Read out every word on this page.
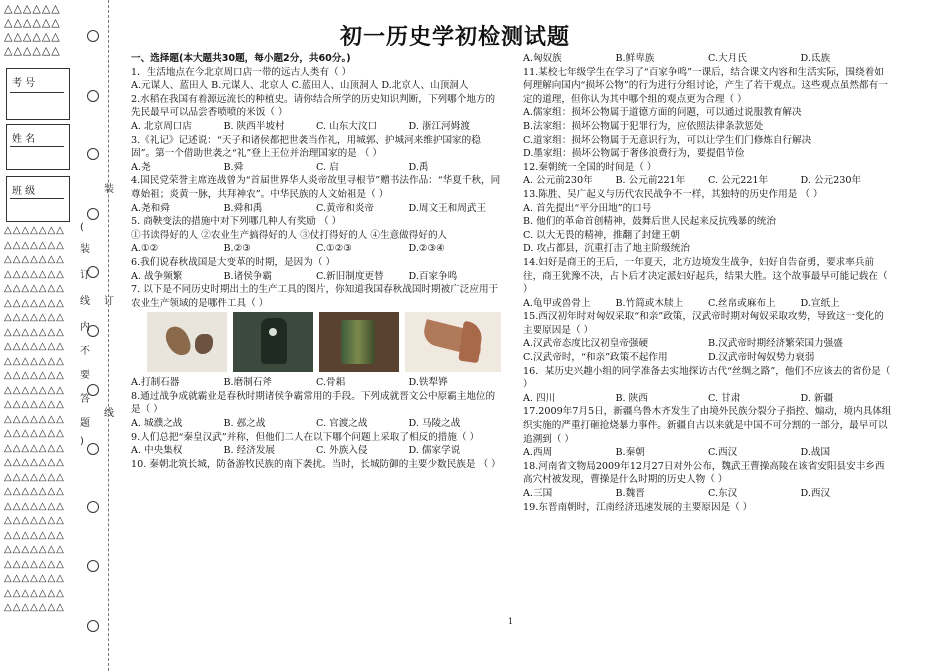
△△△△△△
△△△△△△
△△△△△△
△△△△△△
考 号
姓 名
班 级
△△△△△△△
△△△△△△△
△△△△△△△
△△△△△△△
△△△△△△△
△△△△△△△
△△△△△△△
△△△△△△△
△△△△△△△
△△△△△△△
△△△△△△△
△△△△△△△
△△△△△△△
△△△△△△△
△△△△△△△
△△△△△△△
△△△△△△△
△△△△△△△
△△△△△△△
△△△△△△△
△△△△△△△
△△△△△△△
△△△△△△△
△△△△△△△
△△△△△△△
△△△△△△△
△△△△△△△
(
装
订
线
内
不
要
答
题
)
装
订
线
初一历史学初检测试题

一、选择题(本大题共30题，每小题2分，共60分。)

1．生活地点在今北京周口店一带的远古人类有（ ）

A.元谋人、蓝田人 B.元谋人、北京人 C.蓝田人、山顶洞人 D.北京人、山顶洞人

2.水稻在我国有着源远流长的种植史。请你结合所学的历史知识判断，下列哪个地方的先民最早可以品尝香喷喷的米饭（ ）

A. 北京周口店	B. 陕西半坡村	C. 山东大汶口	D. 浙江河姆渡

3.《礼记》记述说：“天子和诸侯都把世袭当作礼，用城郭、护城河来维护国家的稳固”。第一个借助世袭之“礼”登上王位并治理国家的是 （ ）

A.尧	B.舜	C. 启	D.禹

4.国民党荣誉主席连战曾为“首届世界华人炎帝故里寻根节”赠书法作品：“华夏千秋，同尊始祖；炎黄一脉，共拜神农”。中华民族的人文始祖是（ ）

A.尧和舜	B.舜和禹	C.黄帝和炎帝	D.周文王和周武王

5. 商鞅变法的措施中对下列哪几种人有奖励 （ ）

①书读得好的人 ②农业生产搞得好的人 ③仗打得好的人 ④生意做得好的人

A.①②	B.②③	C.①②③	D.②③④

6.我们说春秋战国是大变革的时期，是因为（ ）

A. 战争频繁	B.诸侯争霸	C.新旧制度更替	D.百家争鸣

7. 以下是不同历史时期出土的生产工具的图片，你知道我国春秋战国时期被广泛应用于农业生产领域的是哪件工具（ ）

A.打制石器	B.磨制石斧	C.骨耜	D.铁犁铧

8.通过战争成就霸业是春秋时期诸侯争霸常用的手段。下列成就晋文公中原霸主地位的是（ ）

A. 城濮之战	B. 邲之战	C. 官渡之战	D. 马陵之战

9.人们总把“秦皇汉武”并称，但他们二人在以下哪个问题上采取了相反的措施（ ）

A. 中央集权	B. 经济发展	C. 外族入侵	D. 儒家学说

10. 秦朝北筑长城，防备游牧民族的南下袭扰。当时，长城防御的主要少数民族是 （ ）

A.匈奴族	B.鲜卑族	C.大月氏	D.氐族

11.某校七年级学生在学习了“百家争鸣”一课后，结合课文内容和生活实际，围绕着如何理解向国内“损坏公物”的行为进行分组讨论，产生了若干观点。这些观点虽然都有一定的道理，但你认为其中哪个组的观点更为合理（ ）

A.儒家组：损坏公物属于道德方面的问题，可以通过说服教育解决
B.法家组：损坏公物属于犯罪行为，应依照法律条款惩处
C.道家组：损坏公物属于无意识行为，可以让学生们门修炼自行解决
D.墨家组：损坏公物属于奢侈浪费行为，要提倡节俭

12.秦朝统一全国的时间是（ ）

A. 公元前230年	B. 公元前221年	C. 公元221年	D. 公元230年

13.陈胜、吴广起义与历代农民战争不一样，其独特的历史作用是 （ ）

A. 首先提出“平分田地”的口号
B. 他们的革命首创精神，鼓舞后世人民起来反抗残暴的统治
C. 以大无畏的精神，推翻了封建王朝
D. 攻占都县，沉重打击了地主阶级统治

14.妇好是商王的王后，一年夏天，北方边境发生战争，妇好自告奋勇，要求率兵前往，商王犹豫不决，占卜后才决定派妇好起兵，结果大胜。这个故事最早可能记载在（ ）

A.龟甲或兽骨上	B.竹简或木牍上	C.丝帛或麻布上	D.宣纸上

15.西汉初年时对匈奴采取“和亲”政策，汉武帝时期对匈奴采取攻势，导致这一变化的主要原因是（ ）

A.汉武帝态度比汉初皇帝强硬	B.汉武帝时期经济繁荣国力强盛
C.汉武帝时，“和亲”政策不起作用	D.汉武帝时匈奴势力衰弱

16．某历史兴趣小组的同学准备去实地探访古代“丝绸之路”，他们不应该去的省份是（ ）

A. 四川	B. 陕西	C. 甘肃	D. 新疆

17.2009年7月5日，新疆乌鲁木齐发生了由境外民族分裂分子指控、煽动，境内具体组织实施的严重打砸抢烧暴力事件。新疆自古以来就是中国不可分割的一部分，最早可以追溯到（ ）

A.西周	B.秦朝	C.西汉	D.战国

18.河南省文物局2009年12月27日对外公布，魏武王曹操高陵在该省安阳县安丰乡西高穴村被发现，曹操是什么时期的历史人物（ ）

A.三国	B.魏晋	C.东汉	D.西汉

19.东晋南朝时，江南经济迅速发展的主要原因是（ ）

1
